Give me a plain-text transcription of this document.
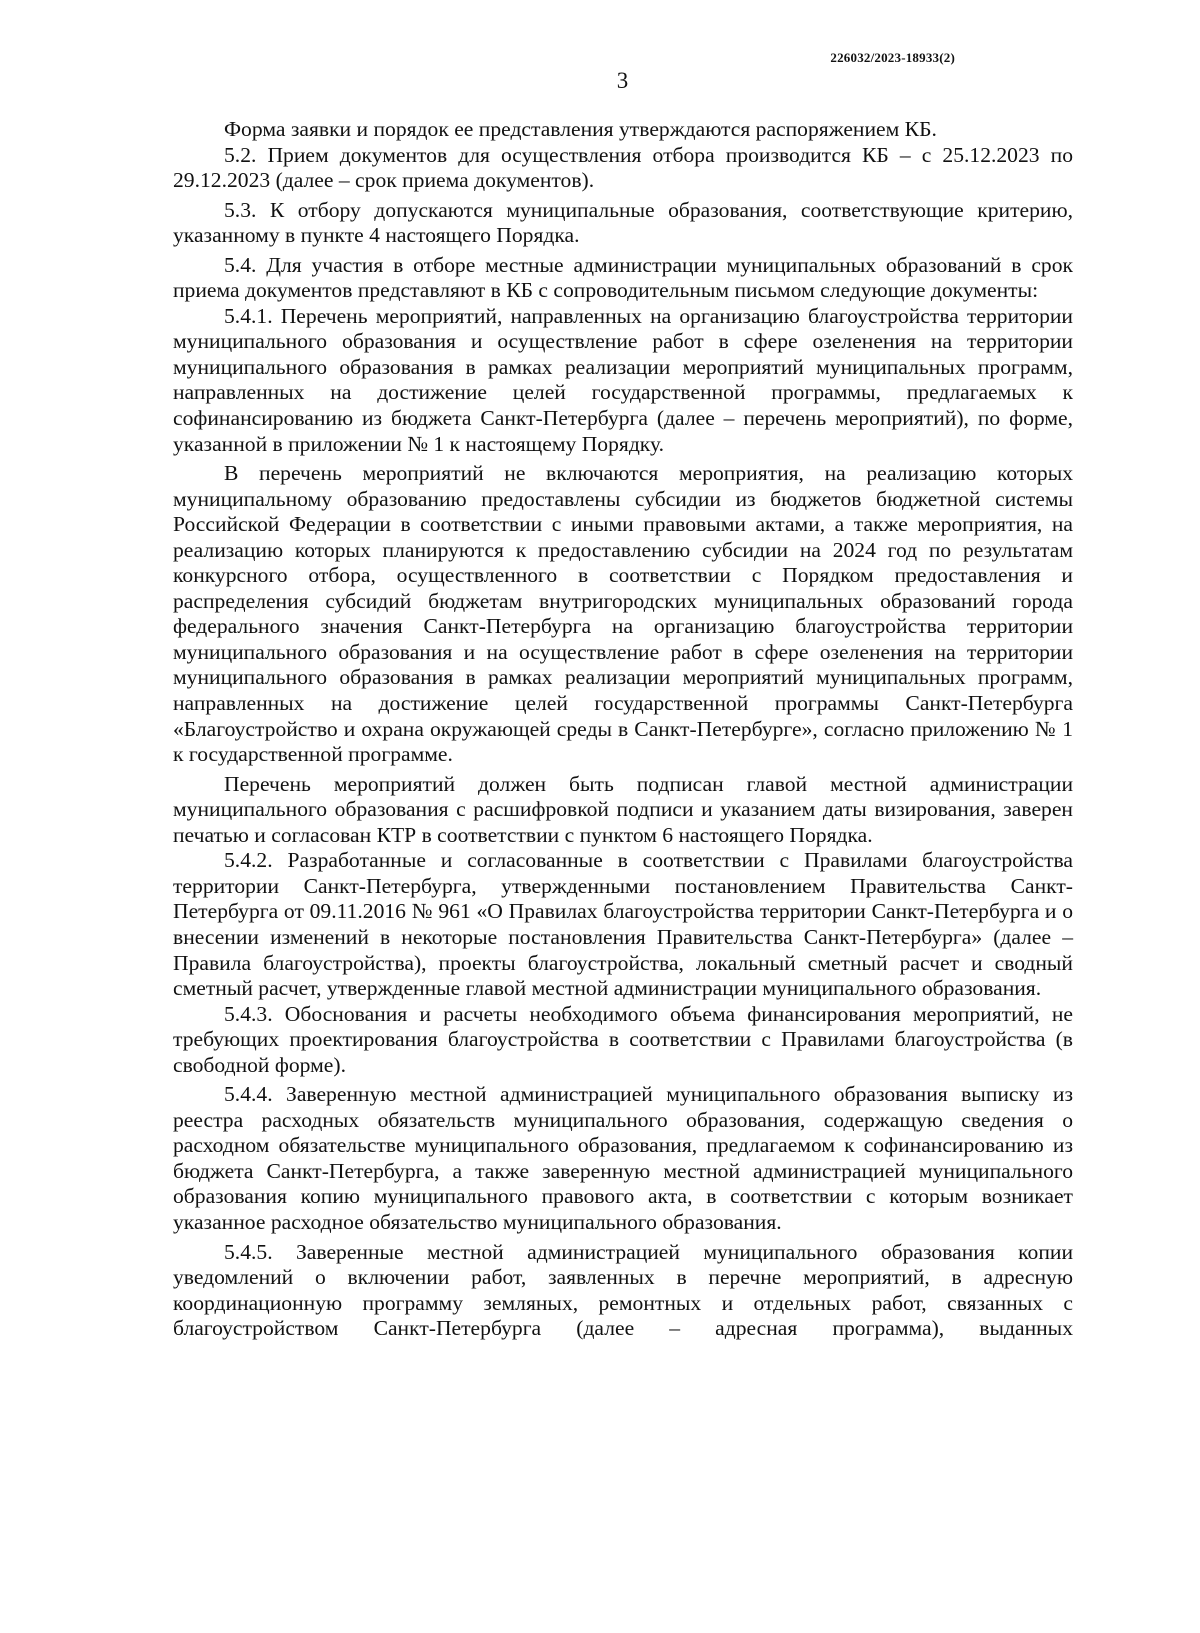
226032/2023-18933(2)
3

Форма заявки и порядок ее представления утверждаются распоряжением КБ.

5.2. Прием документов для осуществления отбора производится КБ – с 25.12.2023 по 29.12.2023 (далее – срок приема документов).

5.3. К отбору допускаются муниципальные образования, соответствующие критерию, указанному в пункте 4 настоящего Порядка.

5.4. Для участия в отборе местные администрации муниципальных образований в срок приема документов представляют в КБ с сопроводительным письмом следующие документы:

5.4.1. Перечень мероприятий, направленных на организацию благоустройства территории муниципального образования и осуществление работ в сфере озеленения на территории муниципального образования в рамках реализации мероприятий муниципальных программ, направленных на достижение целей государственной программы, предлагаемых к софинансированию из бюджета Санкт-Петербурга (далее – перечень мероприятий), по форме, указанной в приложении № 1 к настоящему Порядку.

В перечень мероприятий не включаются мероприятия, на реализацию которых муниципальному образованию предоставлены субсидии из бюджетов бюджетной системы Российской Федерации в соответствии с иными правовыми актами, а также мероприятия, на реализацию которых планируются к предоставлению субсидии на 2024 год по результатам конкурсного отбора, осуществленного в соответствии с Порядком предоставления и распределения субсидий бюджетам внутригородских муниципальных образований города федерального значения Санкт-Петербурга на организацию благоустройства территории муниципального образования и на осуществление работ в сфере озеленения на территории муниципального образования в рамках реализации мероприятий муниципальных программ, направленных на достижение целей государственной программы Санкт-Петербурга «Благоустройство и охрана окружающей среды в Санкт-Петербурге», согласно приложению № 1 к государственной программе.

Перечень мероприятий должен быть подписан главой местной администрации муниципального образования с расшифровкой подписи и указанием даты визирования, заверен печатью и согласован КТР в соответствии с пунктом 6 настоящего Порядка.

5.4.2. Разработанные и согласованные в соответствии с Правилами благоустройства территории Санкт-Петербурга, утвержденными постановлением Правительства Санкт-Петербурга от 09.11.2016 № 961 «О Правилах благоустройства территории Санкт-Петербурга и о внесении изменений в некоторые постановления Правительства Санкт-Петербурга» (далее – Правила благоустройства), проекты благоустройства, локальный сметный расчет и сводный сметный расчет, утвержденные главой местной администрации муниципального образования.

5.4.3. Обоснования и расчеты необходимого объема финансирования мероприятий, не требующих проектирования благоустройства в соответствии с Правилами благоустройства (в свободной форме).

5.4.4. Заверенную местной администрацией муниципального образования выписку из реестра расходных обязательств муниципального образования, содержащую сведения о расходном обязательстве муниципального образования, предлагаемом к софинансированию из бюджета Санкт-Петербурга, а также заверенную местной администрацией муниципального образования копию муниципального правового акта, в соответствии с которым возникает указанное расходное обязательство муниципального образования.

5.4.5. Заверенные местной администрацией муниципального образования копии уведомлений о включении работ, заявленных в перечне мероприятий, в адресную координационную программу земляных, ремонтных и отдельных работ, связанных с благоустройством Санкт-Петербурга (далее – адресная программа), выданных
